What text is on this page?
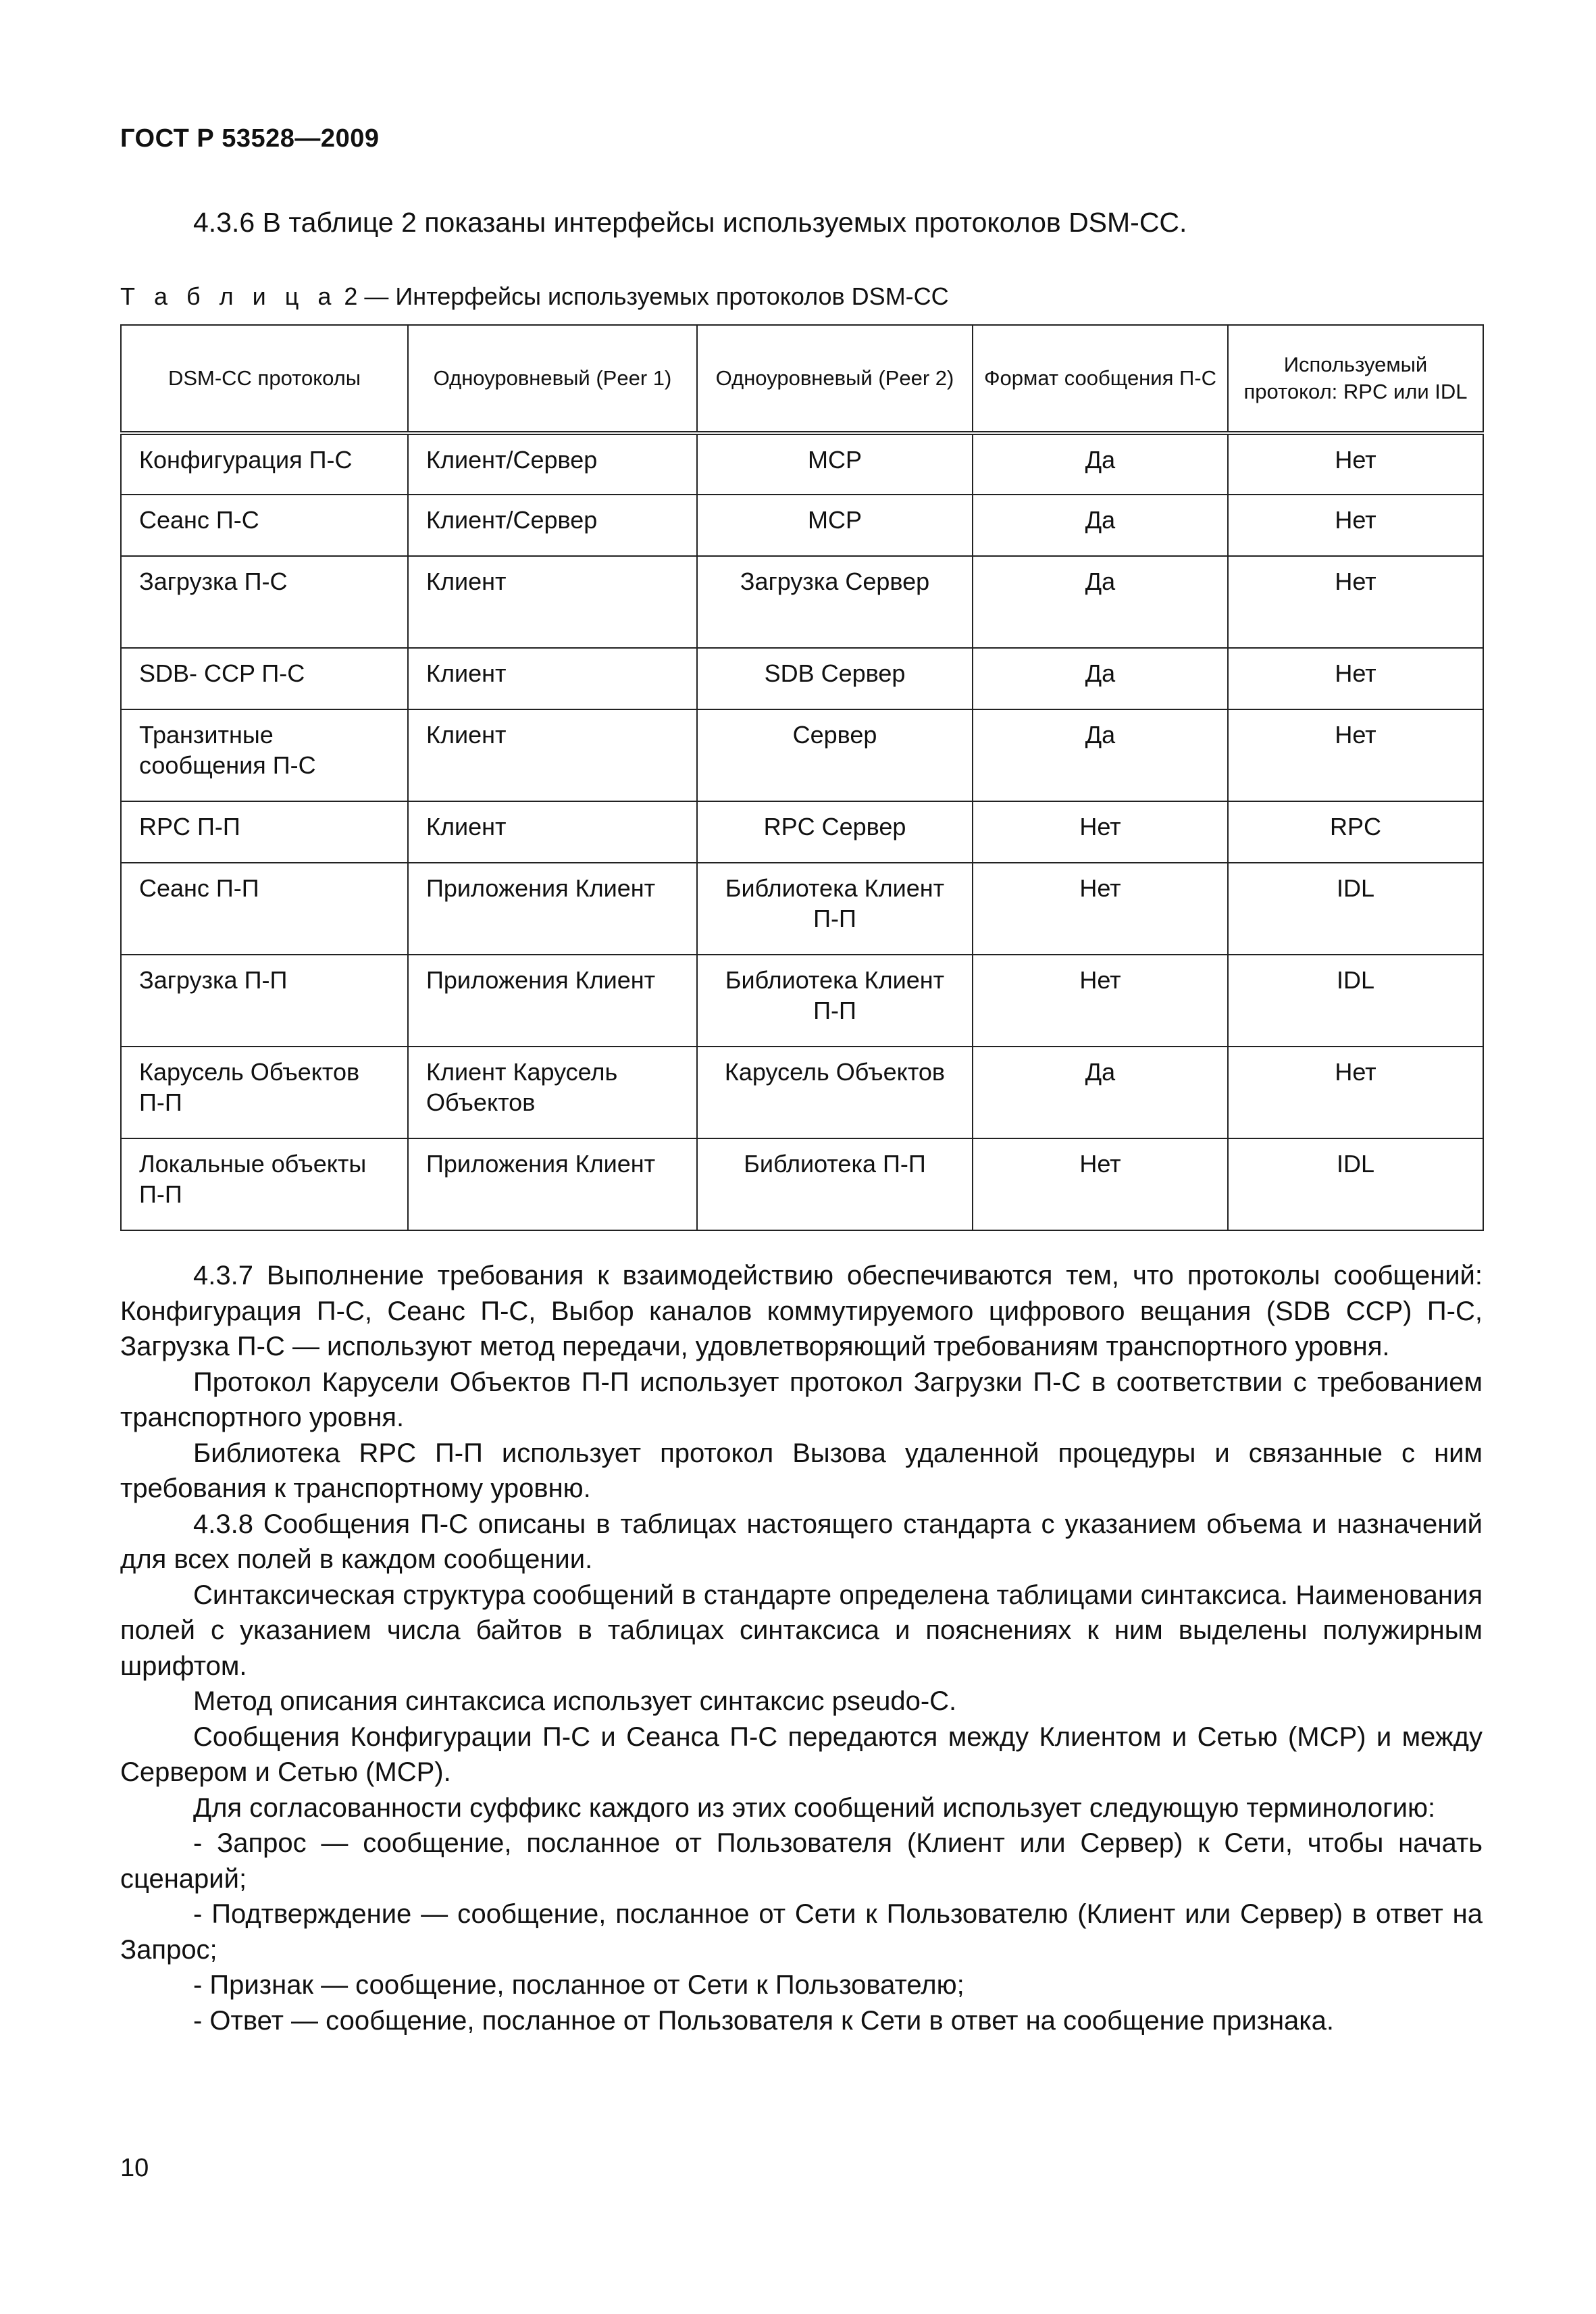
ГОСТ Р 53528—2009
4.3.6 В таблице 2 показаны интерфейсы используемых протоколов DSM-CC.
Т а б л и ц а 2 — Интерфейсы используемых протоколов DSM-CC
DSM-CC протоколы	Одноуровневый (Peer 1)	Одноуровневый (Peer 2)	Формат сообщения П-С	Используемый протокол: RPC или IDL
Конфигурация П-С	Клиент/Сервер	MCP	Да	Нет
Сеанс П-С	Клиент/Сервер	MCP	Да	Нет
Загрузка П-С	Клиент	Загрузка Сервер	Да	Нет
SDB- CCP П-С	Клиент	SDB Сервер	Да	Нет
Транзитные сообщения П-С	Клиент	Сервер	Да	Нет
RPC П-П	Клиент	RPC Сервер	Нет	RPC
Сеанс П-П	Приложения Клиент	Библиотека Клиент П-П	Нет	IDL
Загрузка П-П	Приложения Клиент	Библиотека Клиент П-П	Нет	IDL
Карусель Объектов П-П	Клиент Карусель Объектов	Карусель Объектов	Да	Нет
Локальные объекты П-П	Приложения Клиент	Библиотека П-П	Нет	IDL

4.3.7 Выполнение требования к взаимодействию обеспечиваются тем, что протоколы сообщений: Конфигурация П-С, Сеанс П-С, Выбор каналов коммутируемого цифрового вещания (SDB CCP) П-С, Загрузка П-С — используют метод передачи, удовлетворяющий требованиям транспортного уровня.

Протокол Карусели Объектов П-П использует протокол Загрузки П-С в соответствии с требованием транспортного уровня.

Библиотека RPC П-П использует протокол Вызова удаленной процедуры и связанные с ним требования к транспортному уровню.

4.3.8 Сообщения П-С описаны в таблицах настоящего стандарта с указанием объема и назначений для всех полей в каждом сообщении.

Синтаксическая структура сообщений в стандарте определена таблицами синтаксиса. Наименования полей с указанием числа байтов в таблицах синтаксиса и пояснениях к ним выделены полужирным шрифтом.

Метод описания синтаксиса использует синтаксис pseudo-C.

Сообщения Конфигурации П-С и Сеанса П-С передаются между Клиентом и Сетью (MCP) и между Сервером и Сетью (MCP).

Для согласованности суффикс каждого из этих сообщений использует следующую терминологию:

- Запрос — сообщение, посланное от Пользователя (Клиент или Сервер) к Сети, чтобы начать сценарий;

- Подтверждение — сообщение, посланное от Сети к Пользователю (Клиент или Сервер) в ответ на Запрос;

- Признак — сообщение, посланное от Сети к Пользователю;

- Ответ — сообщение, посланное от Пользователя к Сети в ответ на сообщение признака.

10
